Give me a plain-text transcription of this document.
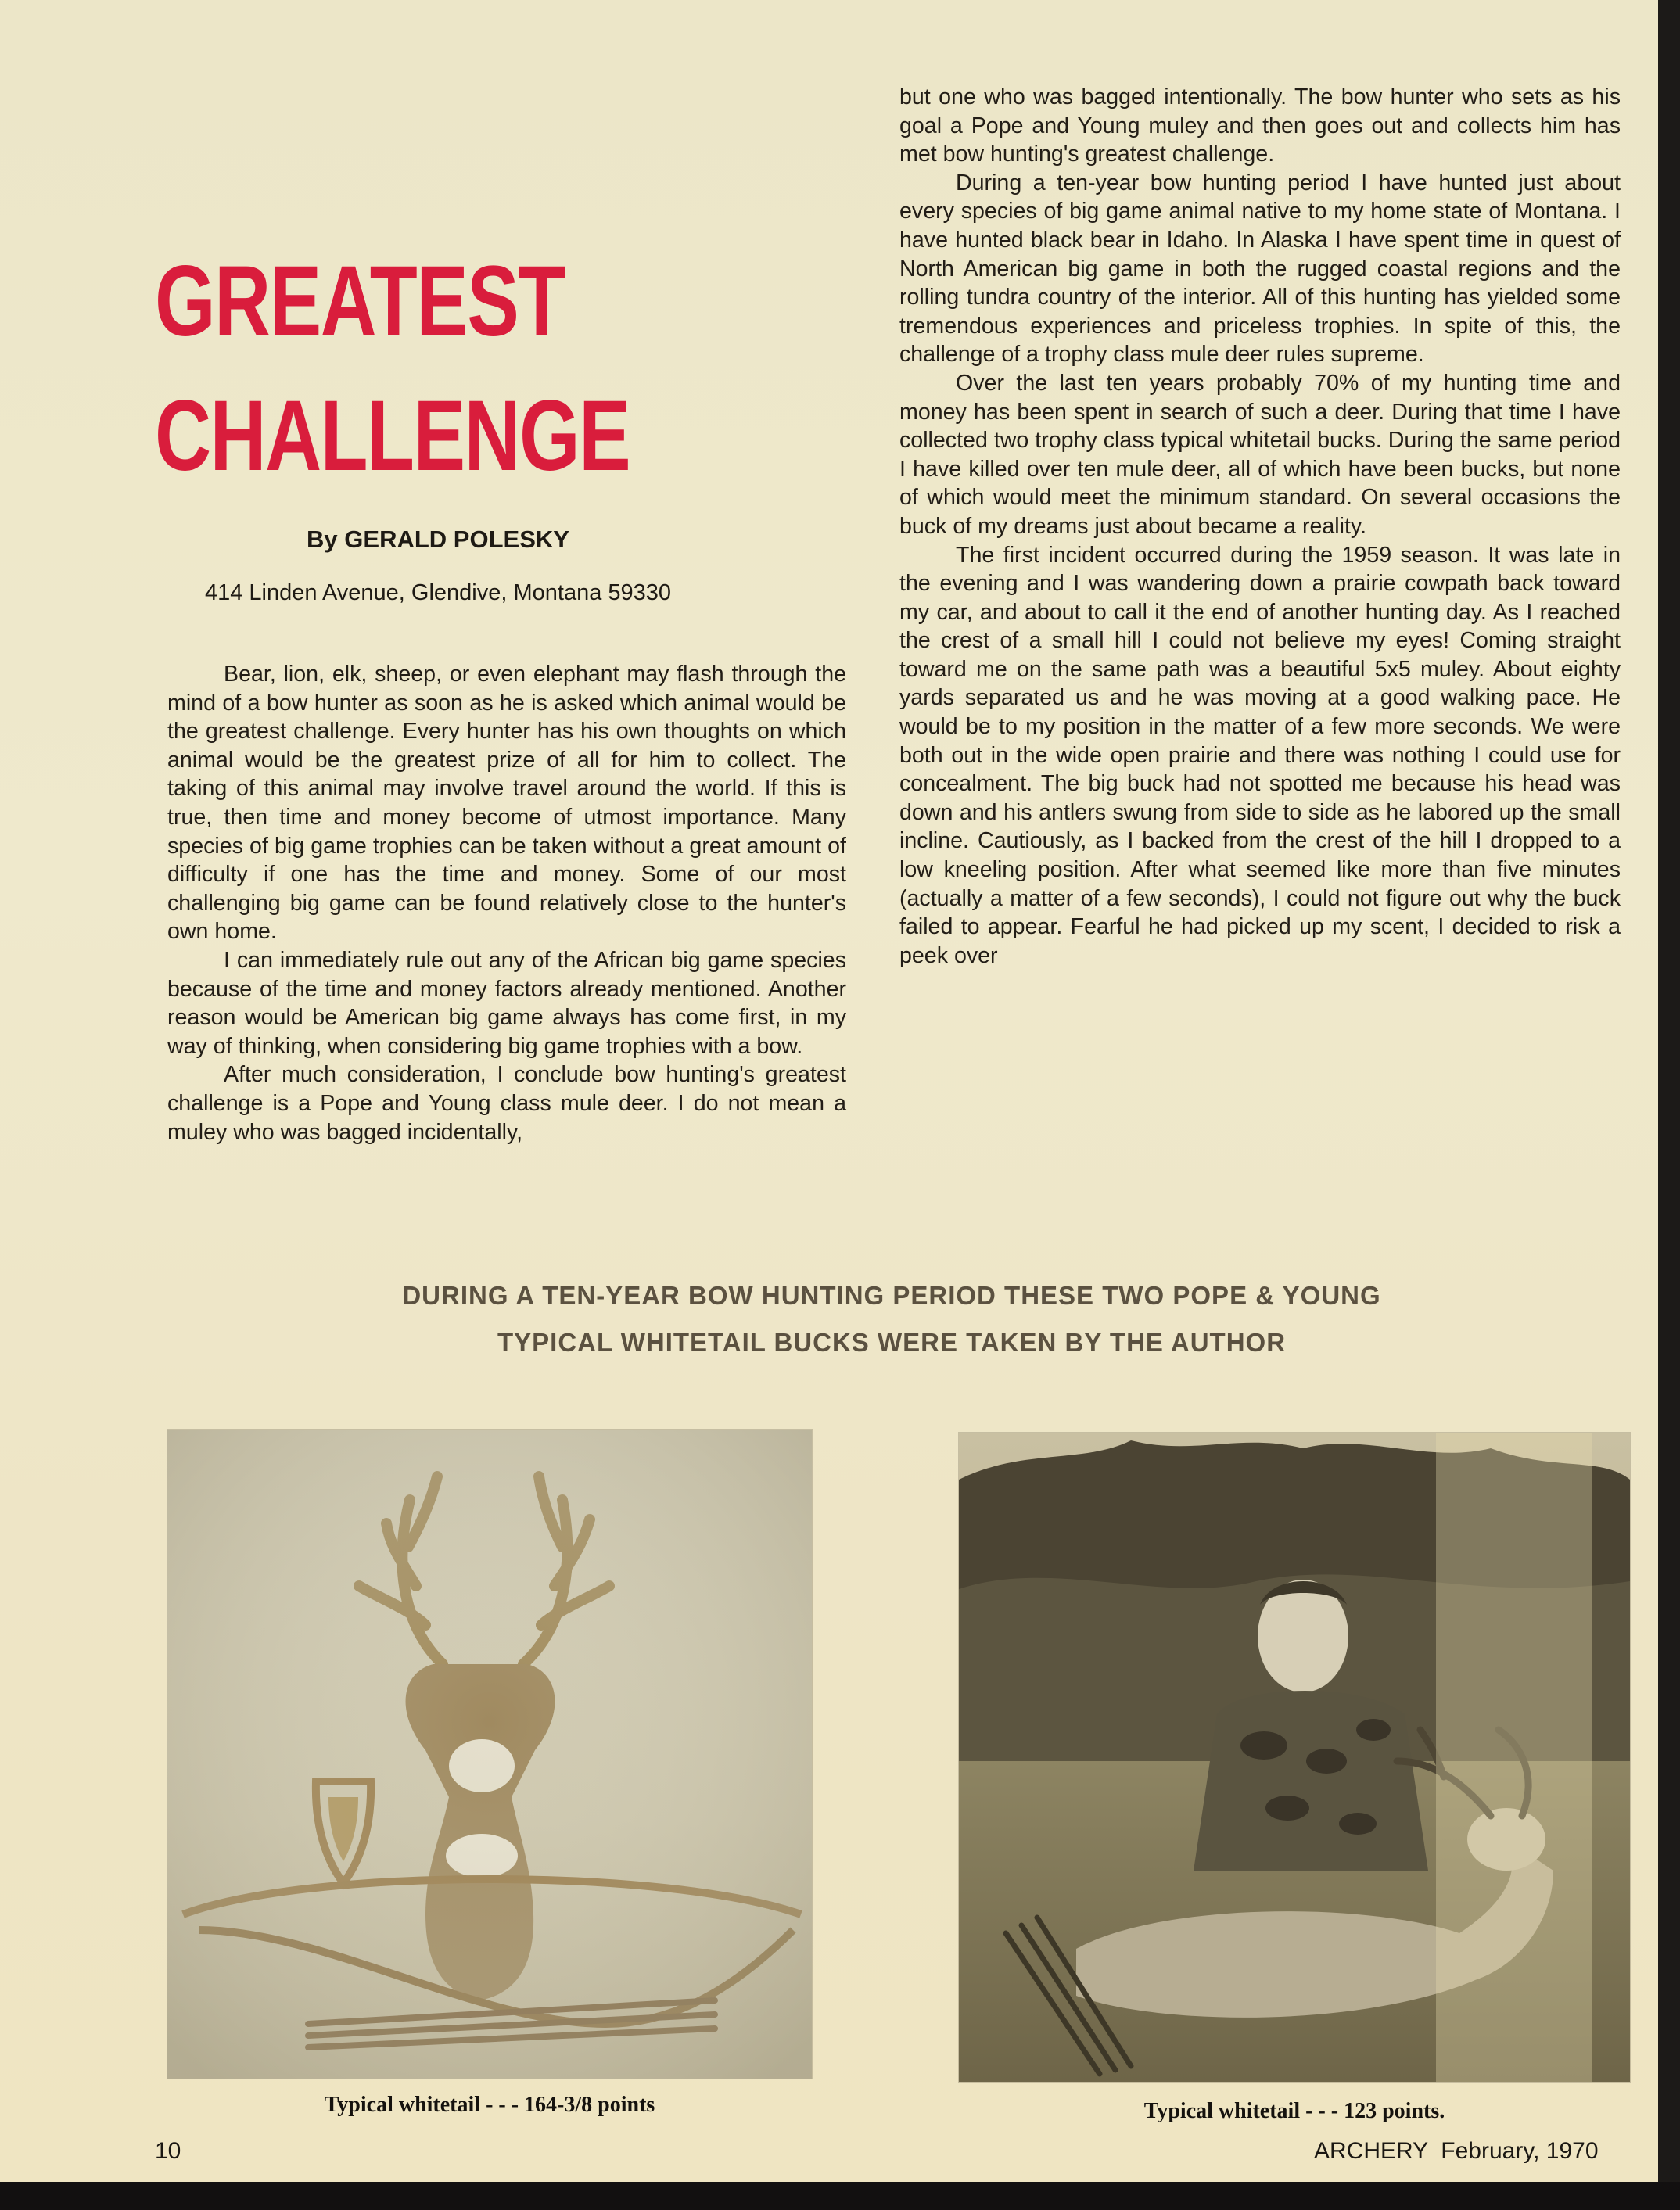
GREATEST
CHALLENGE

By GERALD POLESKY

414 Linden Avenue, Glendive, Montana 59330

Bear, lion, elk, sheep, or even elephant may flash through the mind of a bow hunter as soon as he is asked which animal would be the greatest challenge. Every hunter has his own thoughts on which animal would be the greatest prize of all for him to collect. The taking of this animal may involve travel around the world. If this is true, then time and money become of utmost importance. Many species of big game trophies can be taken without a great amount of difficulty if one has the time and money. Some of our most challenging big game can be found relatively close to the hunter's own home.

I can immediately rule out any of the African big game species because of the time and money factors already mentioned. Another reason would be American big game always has come first, in my way of thinking, when considering big game trophies with a bow.

After much consideration, I conclude bow hunting's greatest challenge is a Pope and Young class mule deer. I do not mean a muley who was bagged incidentally,

but one who was bagged intentionally. The bow hunter who sets as his goal a Pope and Young muley and then goes out and collects him has met bow hunting's greatest challenge.

During a ten-year bow hunting period I have hunted just about every species of big game animal native to my home state of Montana. I have hunted black bear in Idaho. In Alaska I have spent time in quest of North American big game in both the rugged coastal regions and the rolling tundra country of the interior. All of this hunting has yielded some tremendous experiences and priceless trophies. In spite of this, the challenge of a trophy class mule deer rules supreme.

Over the last ten years probably 70% of my hunting time and money has been spent in search of such a deer. During that time I have collected two trophy class typical whitetail bucks. During the same period I have killed over ten mule deer, all of which have been bucks, but none of which would meet the minimum standard. On several occasions the buck of my dreams just about became a reality.

The first incident occurred during the 1959 season. It was late in the evening and I was wandering down a prairie cowpath back toward my car, and about to call it the end of another hunting day. As I reached the crest of a small hill I could not believe my eyes! Coming straight toward me on the same path was a beautiful 5x5 muley. About eighty yards separated us and he was moving at a good walking pace. He would be to my position in the matter of a few more seconds. We were both out in the wide open prairie and there was nothing I could use for concealment. The big buck had not spotted me because his head was down and his antlers swung from side to side as he labored up the small incline. Cautiously, as I backed from the crest of the hill I dropped to a low kneeling position. After what seemed like more than five minutes (actually a matter of a few seconds), I could not figure out why the buck failed to appear. Fearful he had picked up my scent, I decided to risk a peek over

DURING A TEN-YEAR BOW HUNTING PERIOD THESE TWO POPE & YOUNG

TYPICAL WHITETAIL BUCKS WERE TAKEN BY THE AUTHOR

Typical whitetail - - - 164-3/8 points	Typical whitetail - - - 123 points.

10	ARCHERY  February, 1970
